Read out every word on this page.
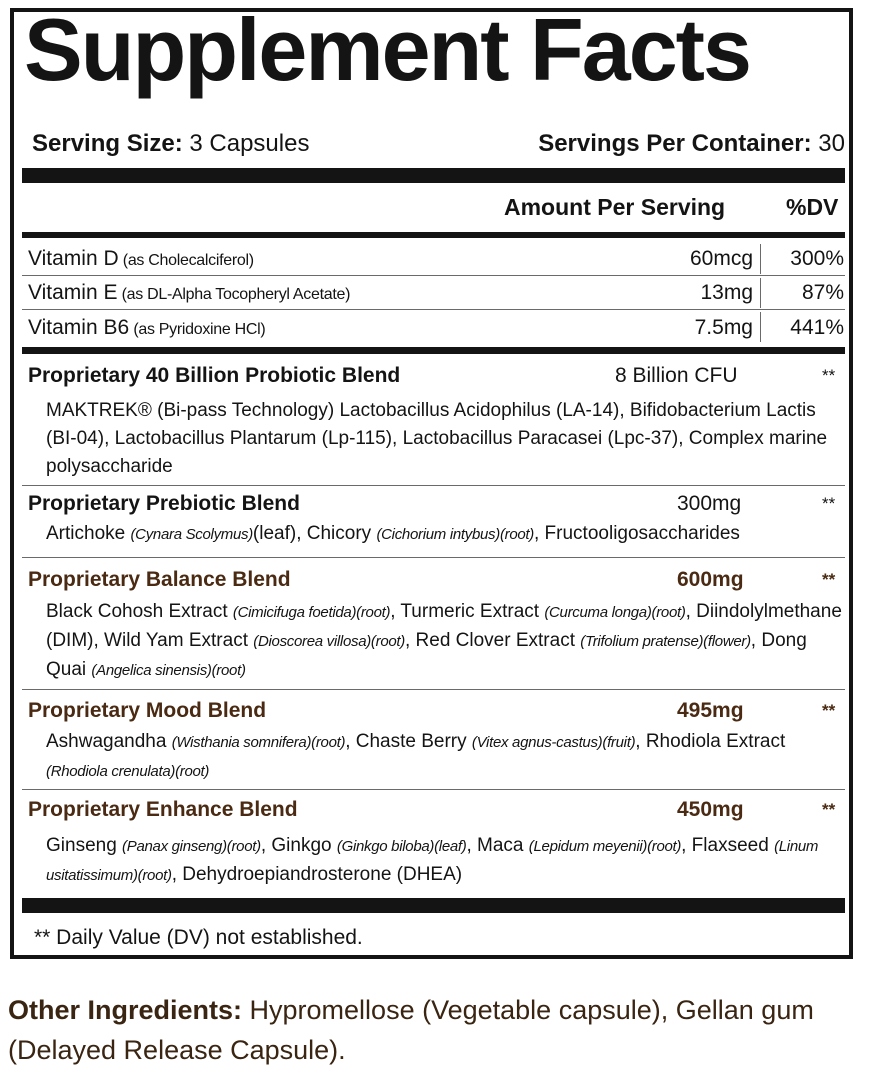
Supplement Facts
Serving Size: 3 Capsules	Servings Per Container: 30
Amount Per Serving	%DV
Vitamin D (as Cholecalciferol)	60mcg 300%
Vitamin E (as DL-Alpha Tocopheryl Acetate)	13mg 87%
Vitamin B6 (as Pyridoxine HCl)	7.5mg 441%
Proprietary 40 Billion Probiotic Blend	8 Billion CFU	**
MAKTREK® (Bi-pass Technology) Lactobacillus Acidophilus (LA-14), Bifidobacterium Lactis (BI-04), Lactobacillus Plantarum (Lp-115), Lactobacillus Paracasei (Lpc-37), Complex marine polysaccharide
Proprietary Prebiotic Blend	300mg	**
Artichoke (Cynara Scolymus)(leaf), Chicory (Cichorium intybus)(root), Fructooligosaccharides
Proprietary Balance Blend	600mg	**
Black Cohosh Extract (Cimicifuga foetida)(root), Turmeric Extract (Curcuma longa)(root), Diindolylmethane (DIM), Wild Yam Extract (Dioscorea villosa)(root), Red Clover Extract (Trifolium pratense)(flower), Dong Quai (Angelica sinensis)(root)
Proprietary Mood Blend	495mg	**
Ashwagandha (Wisthania somnifera)(root), Chaste Berry (Vitex agnus-castus)(fruit), Rhodiola Extract (Rhodiola crenulata)(root)
Proprietary Enhance Blend	450mg	**
Ginseng (Panax ginseng)(root), Ginkgo (Ginkgo biloba)(leaf), Maca (Lepidum meyenii)(root), Flaxseed (Linum usitatissimum)(root), Dehydroepiandrosterone (DHEA)
** Daily Value (DV) not established.
Other Ingredients: Hypromellose (Vegetable capsule), Gellan gum (Delayed Release Capsule).
